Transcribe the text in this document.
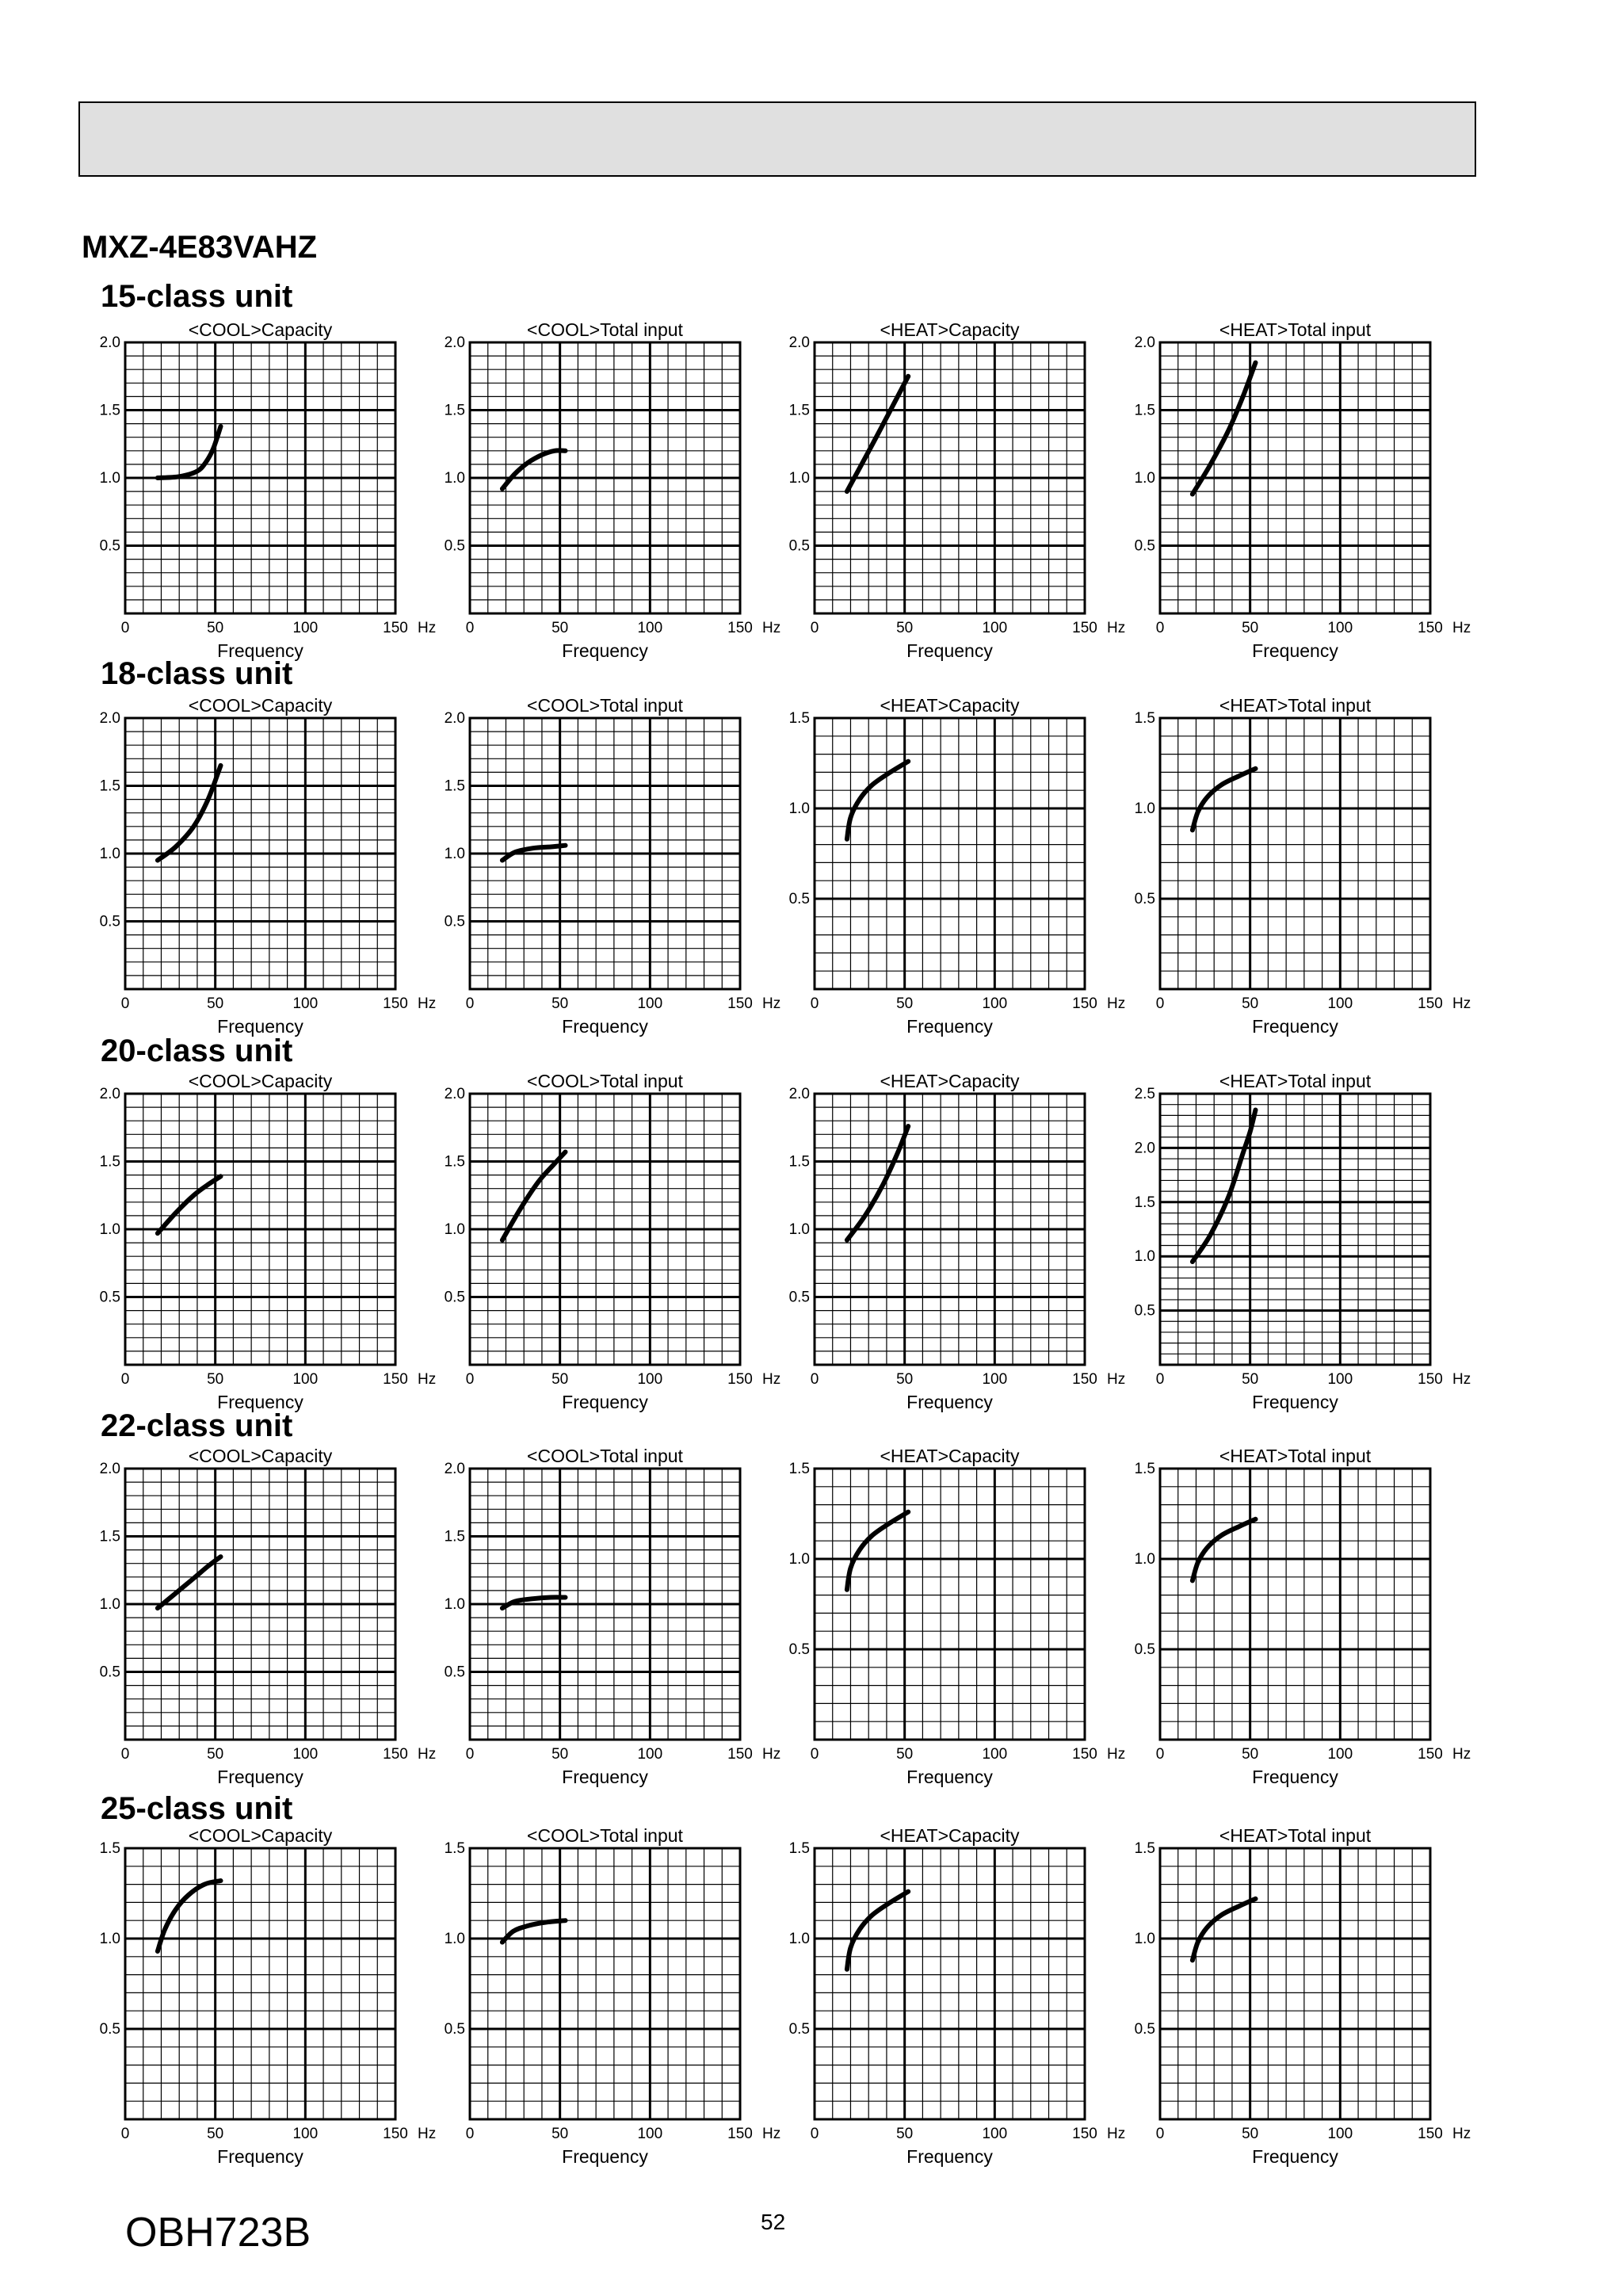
MXZ-4E83VAHZ
15-class unit
18-class unit
20-class unit
22-class unit
25-class unit
0	50	100	150 Hz
0.5
1.0
1.5
2.0
<COOL>Capacity
Frequency
0	50	100	150 Hz
0.5
1.0
1.5
2.0
<COOL>Total input
Frequency
0	50	100	150 Hz
0.5
1.0
1.5
2.0
<HEAT>Capacity
Frequency
0	50	100	150 Hz
0.5
1.0
1.5
2.0
<HEAT>Total input
Frequency
0	50	100	150 Hz
0.5
1.0
1.5
2.0
<COOL>Capacity
Frequency
0	50	100	150 Hz
0.5
1.0
1.5
2.0
<COOL>Total input
Frequency
0	50	100	150 Hz
0.5
1.0
1.5
<HEAT>Capacity
Frequency
0	50	100	150 Hz
0.5
1.0
1.5
<HEAT>Total input
Frequency
0	50	100	150 Hz
0.5
1.0
1.5
2.0
<COOL>Capacity
Frequency
0	50	100	150 Hz
0.5
1.0
1.5
2.0
<COOL>Total input
Frequency
0	50	100	150 Hz
0.5
1.0
1.5
2.0
<HEAT>Capacity
Frequency
0	50	100	150 Hz
0.5
1.0
1.5
2.0
2.5
<HEAT>Total input
Frequency
0	50	100	150 Hz
0.5
1.0
1.5
2.0
<COOL>Capacity
Frequency
0	50	100	150 Hz
0.5
1.0
1.5
2.0
<COOL>Total input
Frequency
0	50	100	150 Hz
0.5
1.0
1.5
<HEAT>Capacity
Frequency
0	50	100	150 Hz
0.5
1.0
1.5
<HEAT>Total input
Frequency
0	50	100	150 Hz
0.5
1.0
1.5
<COOL>Capacity
Frequency
0	50	100	150 Hz
0.5
1.0
1.5
<COOL>Total input
Frequency
0	50	100	150 Hz
0.5
1.0
1.5
<HEAT>Capacity
Frequency
0	50	100	150 Hz
0.5
1.0
1.5
<HEAT>Total input
Frequency
OBH723B	52
